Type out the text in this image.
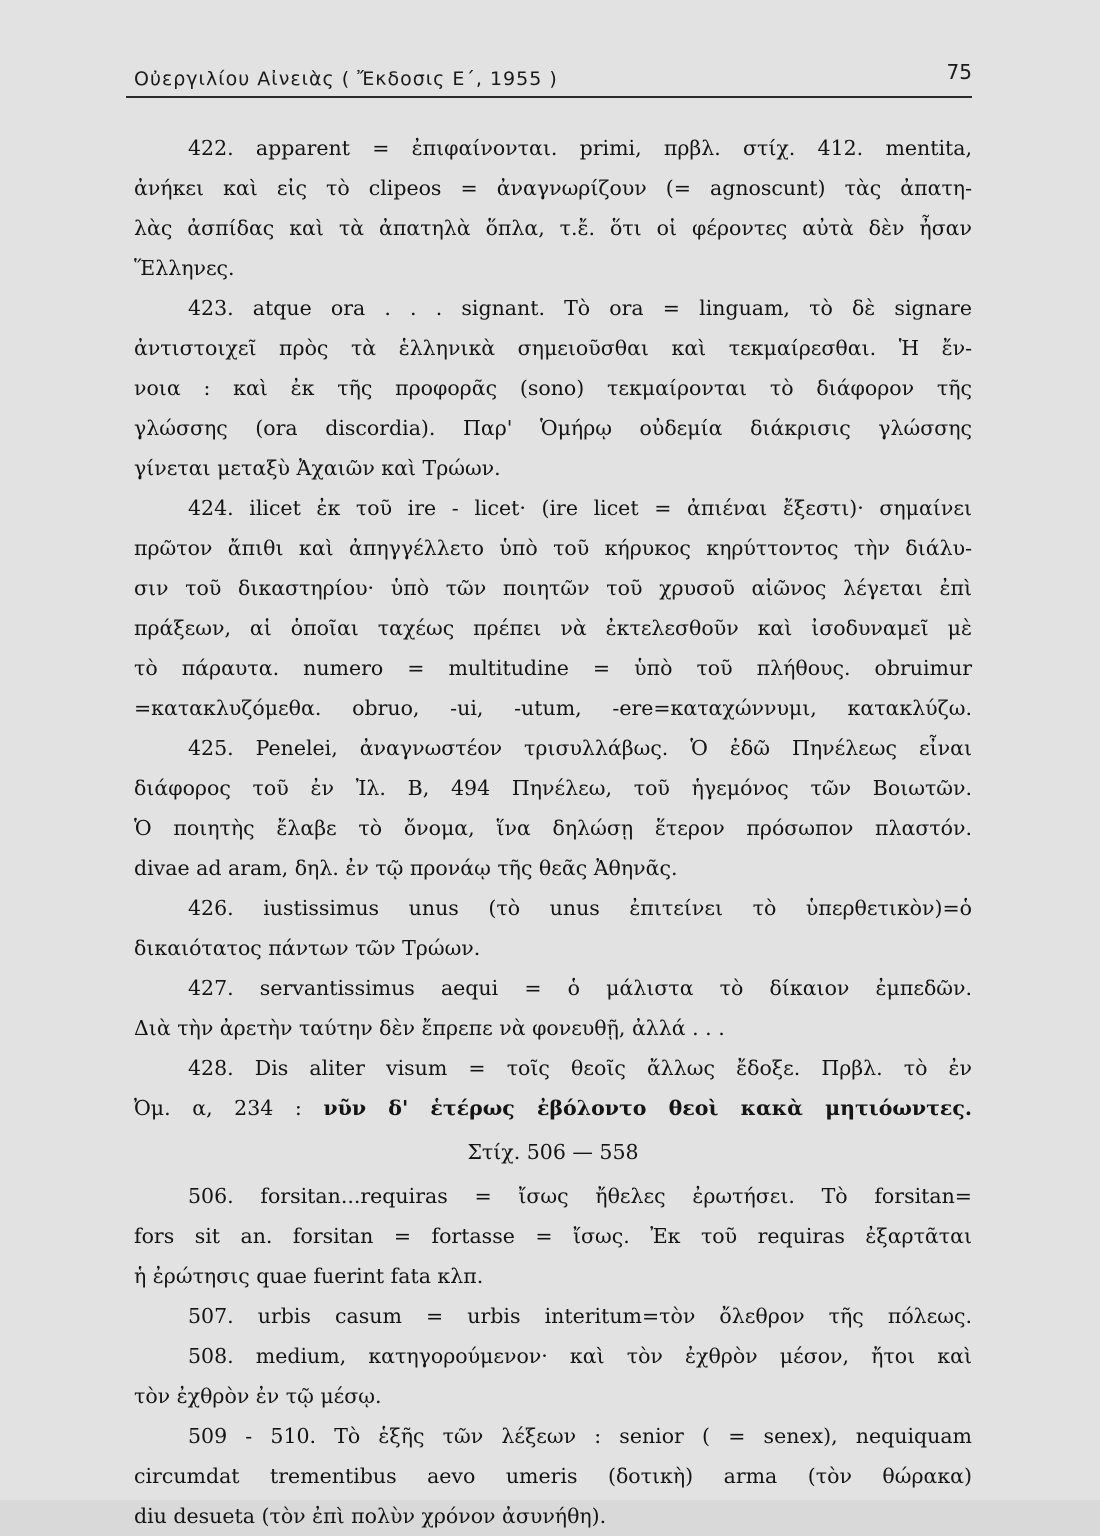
Οὐεργιλίου Αἰνειὰς ( Ἔκδοσις Ε΄, 1955 )	75
422. apparent = ἐπιφαίνονται. primi, πρβλ. στίχ. 412. mentita,
ἀνήκει καὶ εἰς τὸ clipeos = ἀναγνωρίζουν (= agnoscunt) τὰς ἀπατη-
λὰς ἀσπίδας καὶ τὰ ἀπατηλὰ ὅπλα, τ.ἔ. ὅτι οἱ φέροντες αὐτὰ δὲν ἦσαν
Ἕλληνες.
423. atque ora . . . signant. Τὸ ora = linguam, τὸ δὲ signare
ἀντιστοιχεῖ πρὸς τὰ ἑλληνικὰ σημειοῦσθαι καὶ τεκμαίρεσθαι. Ἡ ἔν-
νοια : καὶ ἐκ τῆς προφορᾶς (sono) τεκμαίρονται τὸ διάφορον τῆς
γλώσσης (ora discordia). Παρ' Ὁμήρῳ οὐδεμία διάκρισις γλώσσης
γίνεται μεταξὺ Ἀχαιῶν καὶ Τρώων.
424. ilicet ἐκ τοῦ ire - licet· (ire licet = ἀπιέναι ἔξεστι)· σημαίνει
πρῶτον ἄπιθι καὶ ἀπηγγέλλετο ὑπὸ τοῦ κήρυκος κηρύττοντος τὴν διάλυ-
σιν τοῦ δικαστηρίου· ὑπὸ τῶν ποιητῶν τοῦ χρυσοῦ αἰῶνος λέγεται ἐπὶ
πράξεων, αἱ ὁποῖαι ταχέως πρέπει νὰ ἐκτελεσθοῦν καὶ ἰσοδυναμεῖ μὲ
τὸ πάραυτα. numero = multitudine = ὑπὸ τοῦ πλήθους. obruimur
=κατακλυζόμεθα. obruo, -ui, -utum, -ere=καταχώννυμι, κατακλύζω.
425. Penelei, ἀναγνωστέον τρισυλλάβως. Ὁ ἐδῶ Πηνέλεως εἶναι
διάφορος τοῦ ἐν Ἰλ. Β, 494 Πηνέλεω, τοῦ ἡγεμόνος τῶν Βοιωτῶν.
Ὁ ποιητὴς ἔλαβε τὸ ὄνομα, ἵνα δηλώσῃ ἕτερον πρόσωπον πλαστόν.
divae ad aram, δηλ. ἐν τῷ προνάῳ τῆς θεᾶς Ἀθηνᾶς.
426. iustissimus unus (τὸ unus ἐπιτείνει τὸ ὑπερθετικὸν)=ὁ
δικαιότατος πάντων τῶν Τρώων.
427. servantissimus aequi = ὁ μάλιστα τὸ δίκαιον ἐμπεδῶν.
Διὰ τὴν ἀρετὴν ταύτην δὲν ἔπρεπε νὰ φονευθῇ, ἀλλά . . .
428. Dis aliter visum = τοῖς θεοῖς ἄλλως ἔδοξε. Πρβλ. τὸ ἐν
Ὀμ. α, 234 : νῦν δ' ἑτέρως ἐβόλοντο θεοὶ κακὰ μητιόωντες.
Στίχ. 506 — 558
506. forsitan...requiras = ἴσως ἤθελες ἐρωτήσει. Τὸ forsitan=
fors sit an. forsitan = fortasse = ἴσως. Ἐκ τοῦ requiras ἐξαρτᾶται
ἡ ἐρώτησις quae fuerint fata κλπ.
507. urbis casum = urbis interitum=τὸν ὄλεθρον τῆς πόλεως.
508. medium, κατηγορούμενον· καὶ τὸν ἐχθρὸν μέσον, ἤτοι καὶ
τὸν ἐχθρὸν ἐν τῷ μέσῳ.
509 - 510. Τὸ ἑξῆς τῶν λέξεων : senior ( = senex), nequiquam
circumdat trementibus aevo umeris (δοτικὴ) arma (τὸν θώρακα)
diu desueta (τὸν ἐπὶ πολὺν χρόνον ἀσυνήθη).
